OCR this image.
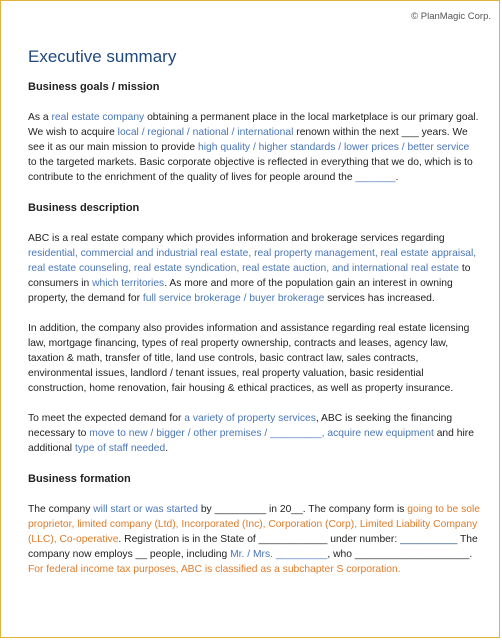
© PlanMagic Corp.
Executive summary
Business goals / mission

As a real estate company obtaining a permanent place in the local marketplace is our primary goal. We wish to acquire local / regional / national / international renown within the next ___ years. We see it as our main mission to provide high quality / higher standards / lower prices / better service to the targeted markets. Basic corporate objective is reflected in everything that we do, which is to contribute to the enrichment of the quality of lives for people around the _______.

Business description

ABC is a real estate company which provides information and brokerage services regarding residential, commercial and industrial real estate, real property management, real estate appraisal, real estate counseling, real estate syndication, real estate auction, and international real estate to consumers in which territories. As more and more of the population gain an interest in owning property, the demand for full service brokerage / buyer brokerage services has increased.

In addition, the company also provides information and assistance regarding real estate licensing law, mortgage financing, types of real property ownership, contracts and leases, agency law, taxation & math, transfer of title, land use controls, basic contract law, sales contracts, environmental issues, landlord / tenant issues, real property valuation, basic residential construction, home renovation, fair housing & ethical practices, as well as property insurance.

To meet the expected demand for a variety of property services, ABC is seeking the financing necessary to move to new / bigger / other premises / _________, acquire new equipment and hire additional type of staff needed.

Business formation

The company will start or was started by _________ in 20__. The company form is going to be sole proprietor, limited company (Ltd), Incorporated (Inc), Corporation (Corp), Limited Liability Company (LLC), Co-operative. Registration is in the State of ____________ under number: __________ The company now employs __ people, including Mr. / Mrs. _________, who ____________________. For federal income tax purposes, ABC is classified as a subchapter S corporation.
